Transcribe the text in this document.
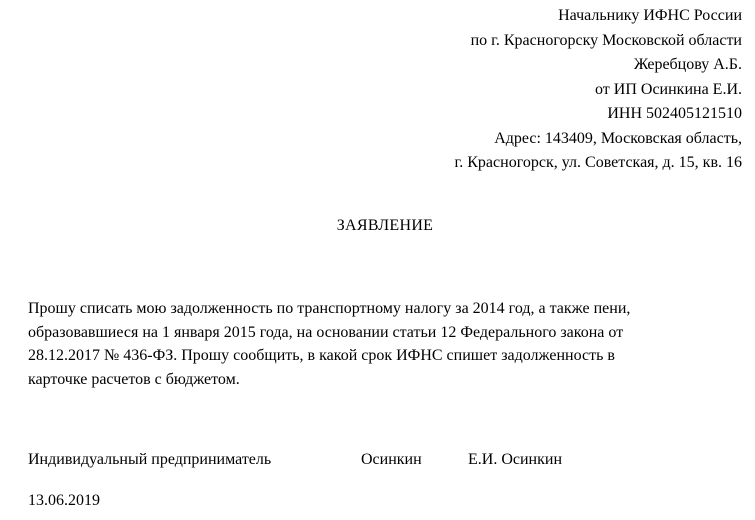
Начальнику ИФНС России
по г. Красногорску Московской области
Жеребцову А.Б.
от ИП Осинкина Е.И.
ИНН 502405121510
Адрес: 143409, Московская область,
г. Красногорск, ул. Советская, д. 15, кв. 16
ЗАЯВЛЕНИЕ
Прошу списать мою задолженность по транспортному налогу за 2014 год, а также пени,
образовавшиеся на 1 января 2015 года, на основании статьи 12 Федерального закона от
28.12.2017 № 436-ФЗ. Прошу сообщить, в какой срок ИФНС спишет задолженность в
карточке расчетов с бюджетом.
Индивидуальный предприниматель	Осинкин	Е.И. Осинкин
13.06.2019
